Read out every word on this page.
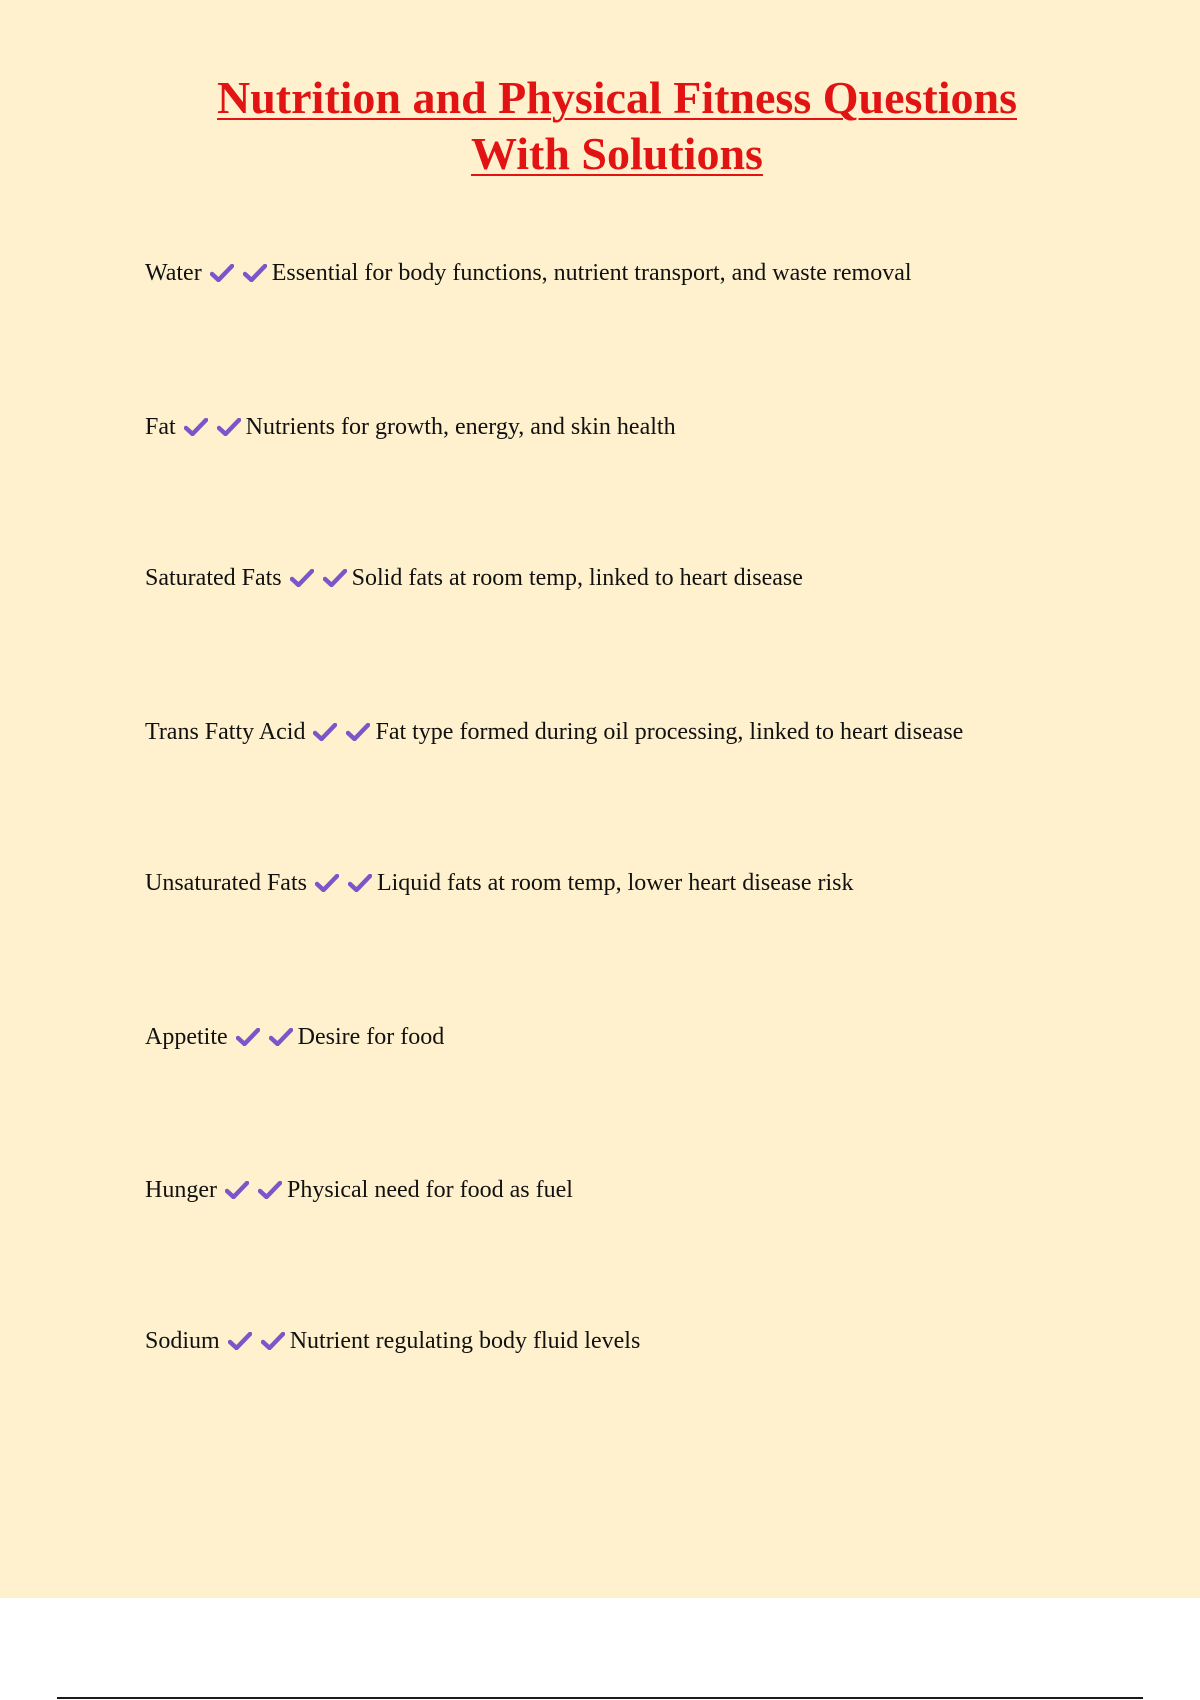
Nutrition and Physical Fitness Questions
With Solutions
Water	Essential for body functions, nutrient transport, and waste removal
Fat	Nutrients for growth, energy, and skin health
Saturated Fats	Solid fats at room temp, linked to heart disease
Trans Fatty Acid	Fat type formed during oil processing, linked to heart disease
Unsaturated Fats	Liquid fats at room temp, lower heart disease risk
Appetite	Desire for food
Hunger	Physical need for food as fuel
Sodium	Nutrient regulating body fluid levels
